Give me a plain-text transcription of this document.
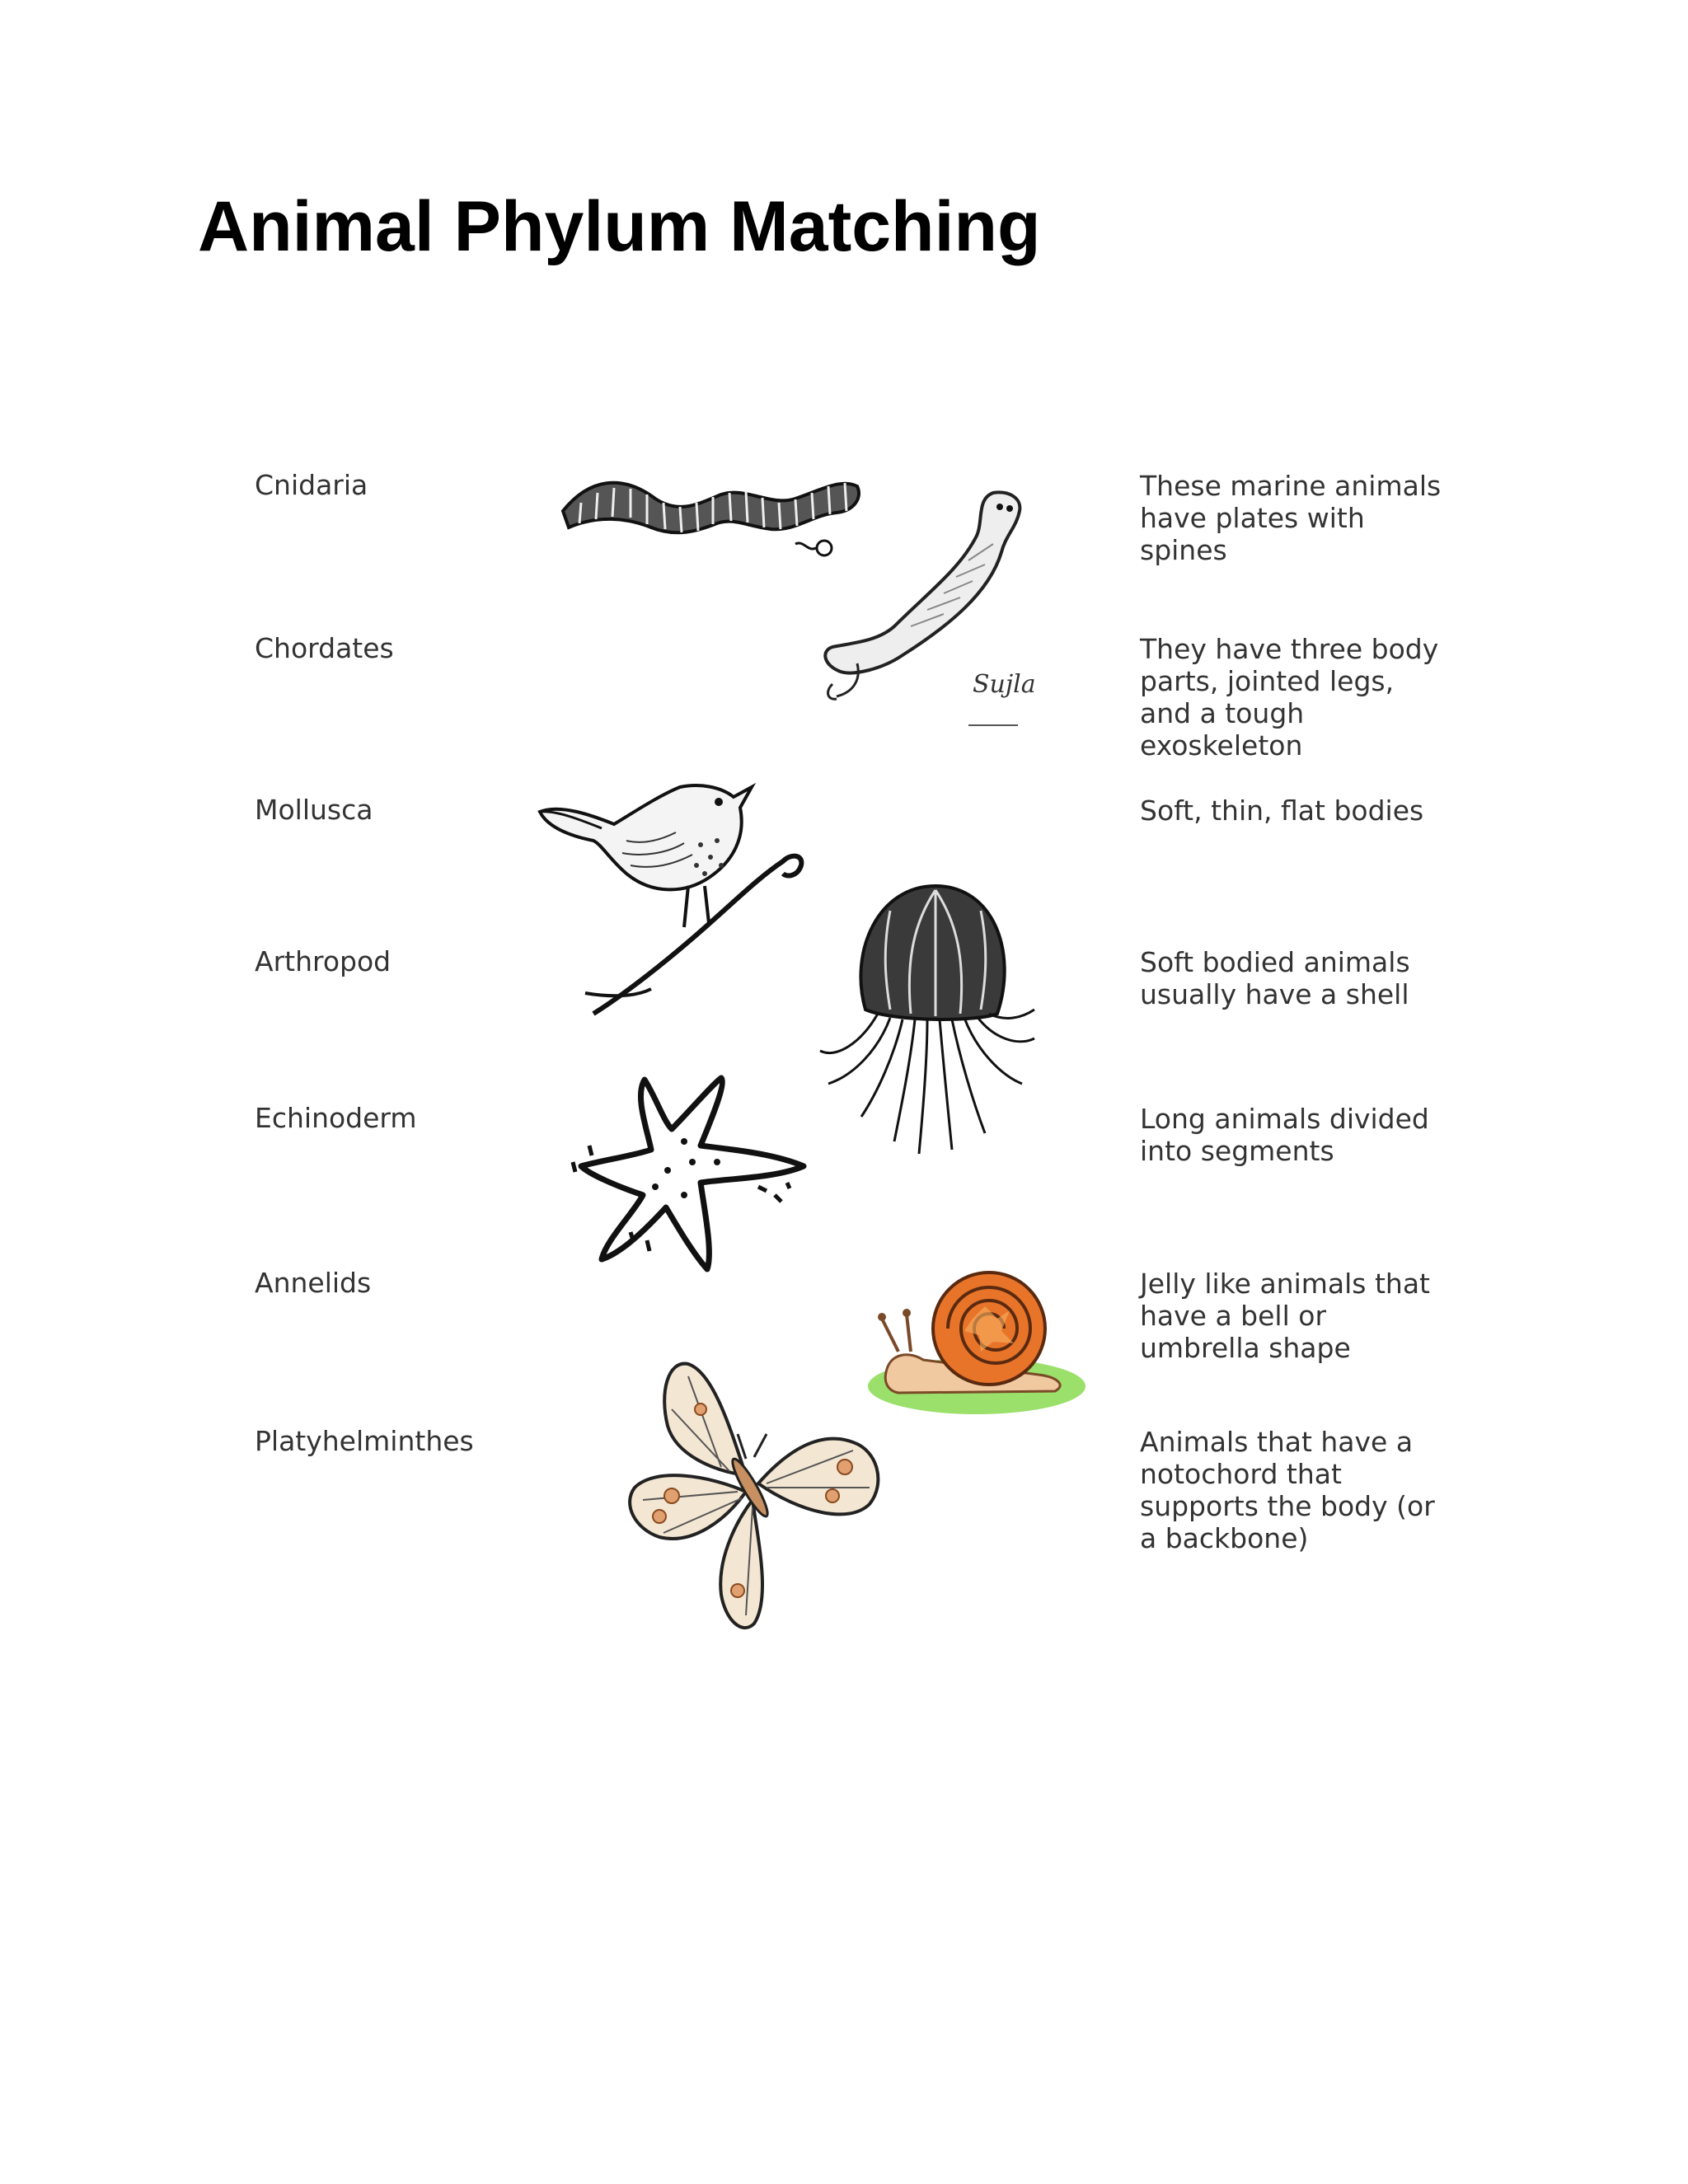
Animal Phylum Matching
Cnidaria
Chordates
Mollusca
Arthropod
Echinoderm
Annelids
Platyhelminthes
These marine animals
have plates with
spines
They have three body
parts, jointed legs,
and a tough
exoskeleton
Soft, thin, flat bodies
Soft bodied animals
usually have a shell
Long animals divided
into segments
Jelly like animals that
have a bell or
umbrella shape
Animals that have a
notochord that
supports the body (or
a backbone)
Sujla
